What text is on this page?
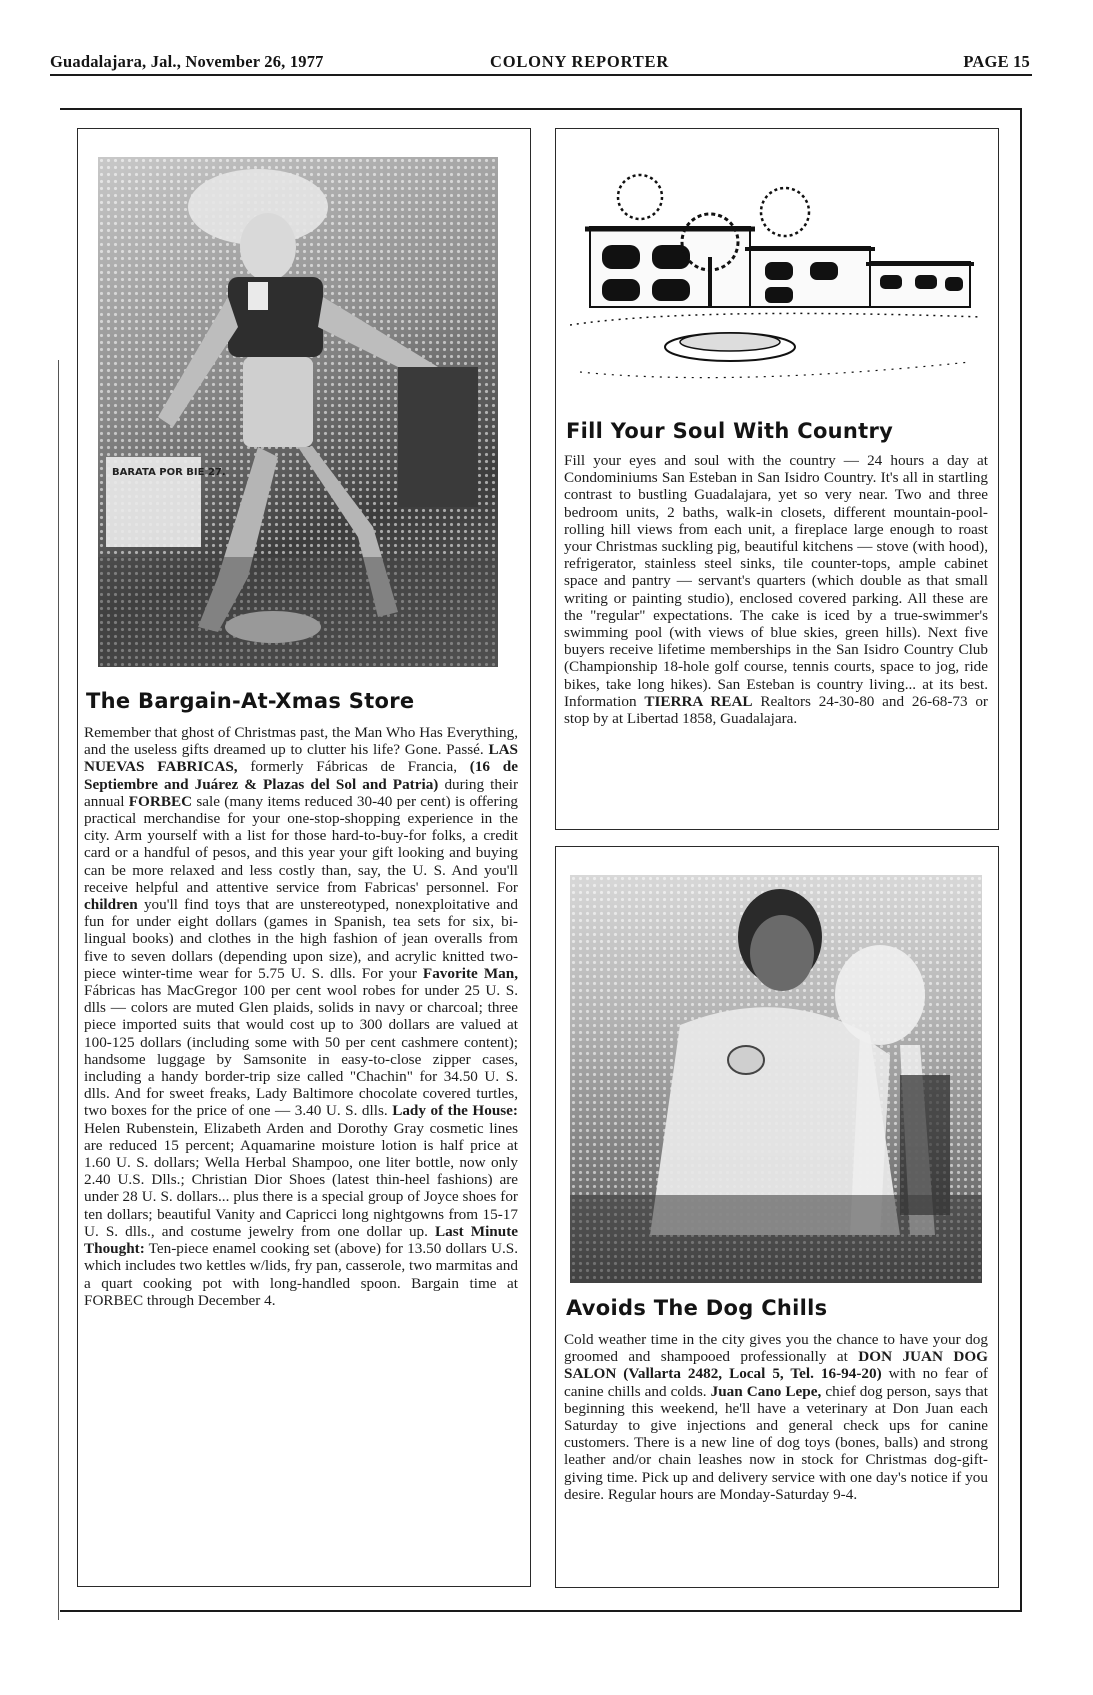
Guadalajara, Jal., November 26, 1977	COLONY REPORTER	PAGE 15
BARATA POR BIE 27.
The Bargain-At-Xmas Store
Remember that ghost of Christmas past, the Man Who Has Everything, and the useless gifts dreamed up to clutter his life? Gone. Passé. LAS NUEVAS FABRICAS, formerly Fábricas de Francia, (16 de Septiembre and Juárez & Plazas del Sol and Patria) during their annual FORBEC sale (many items reduced 30-40 per cent) is offering practical merchandise for your one-stop-shopping experience in the city. Arm yourself with a list for those hard-to-buy-for folks, a credit card or a handful of pesos, and this year your gift looking and buying can be more relaxed and less costly than, say, the U. S. And you'll receive helpful and attentive service from Fabricas' personnel. For children you'll find toys that are unstereotyped, nonexploitative and fun for under eight dollars (games in Spanish, tea sets for six, bi-lingual books) and clothes in the high fashion of jean overalls from five to seven dollars (depending upon size), and acrylic knitted two-piece winter-time wear for 5.75 U. S. dlls. For your Favorite Man, Fábricas has MacGregor 100 per cent wool robes for under 25 U. S. dlls — colors are muted Glen plaids, solids in navy or charcoal; three piece imported suits that would cost up to 300 dollars are valued at 100-125 dollars (including some with 50 per cent cashmere content); handsome luggage by Samsonite in easy-to-close zipper cases, including a handy border-trip size called "Chachin" for 34.50 U. S. dlls. And for sweet freaks, Lady Baltimore chocolate covered turtles, two boxes for the price of one — 3.40 U. S. dlls. Lady of the House: Helen Rubenstein, Elizabeth Arden and Dorothy Gray cosmetic lines are reduced 15 percent; Aquamarine moisture lotion is half price at 1.60 U. S. dollars; Wella Herbal Shampoo, one liter bottle, now only 2.40 U.S. Dlls.; Christian Dior Shoes (latest thin-heel fashions) are under 28 U. S. dollars... plus there is a special group of Joyce shoes for ten dollars; beautiful Vanity and Capricci long nightgowns from 15-17 U. S. dlls., and costume jewelry from one dollar up. Last Minute Thought: Ten-piece enamel cooking set (above) for 13.50 dollars U.S. which includes two kettles w/lids, fry pan, casserole, two marmitas and a quart cooking pot with long-handled spoon. Bargain time at FORBEC through December 4.
Fill Your Soul With Country
Fill your eyes and soul with the country — 24 hours a day at Condominiums San Esteban in San Isidro Country. It's all in startling contrast to bustling Guadalajara, yet so very near. Two and three bedroom units, 2 baths, walk-in closets, different mountain-pool-rolling hill views from each unit, a fireplace large enough to roast your Christmas suckling pig, beautiful kitchens — stove (with hood), refrigerator, stainless steel sinks, tile counter-tops, ample cabinet space and pantry — servant's quarters (which double as that small writing or painting studio), enclosed covered parking. All these are the "regular" expectations. The cake is iced by a true-swimmer's swimming pool (with views of blue skies, green hills). Next five buyers receive lifetime memberships in the San Isidro Country Club (Championship 18-hole golf course, tennis courts, space to jog, ride bikes, take long hikes). San Esteban is country living... at its best. Information TIERRA REAL Realtors 24-30-80 and 26-68-73 or stop by at Libertad 1858, Guadalajara.
Avoids The Dog Chills
Cold weather time in the city gives you the chance to have your dog groomed and shampooed professionally at DON JUAN DOG SALON (Vallarta 2482, Local 5, Tel. 16-94-20) with no fear of canine chills and colds. Juan Cano Lepe, chief dog person, says that beginning this weekend, he'll have a veterinary at Don Juan each Saturday to give injections and general check ups for canine customers. There is a new line of dog toys (bones, balls) and strong leather and/or chain leashes now in stock for Christmas dog-gift-giving time. Pick up and delivery service with one day's notice if you desire. Regular hours are Monday-Saturday 9-4.
